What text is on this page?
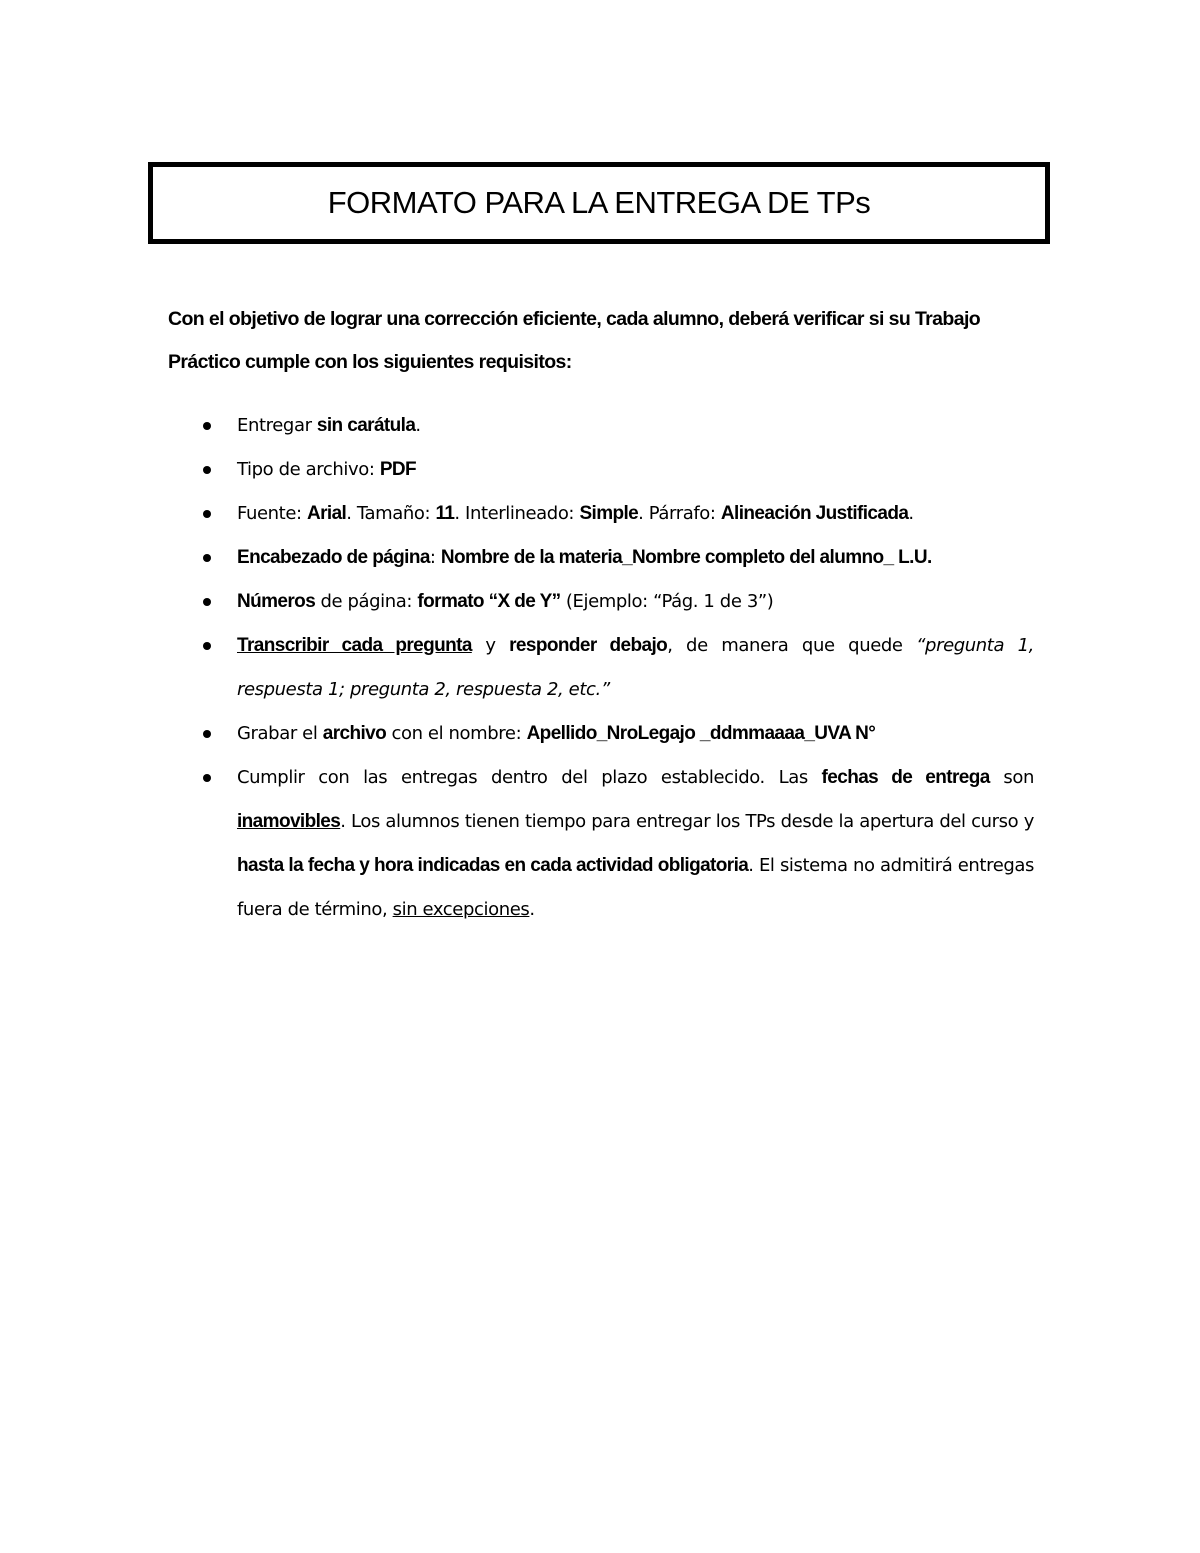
FORMATO PARA LA ENTREGA DE TPs

Con el objetivo de lograr una corrección eficiente, cada alumno, deberá verificar si su Trabajo Práctico cumple con los siguientes requisitos:

Entregar sin carátula.
Tipo de archivo: PDF
Fuente: Arial. Tamaño: 11. Interlineado: Simple. Párrafo: Alineación Justificada.
Encabezado de página: Nombre de la materia_Nombre completo del alumno_ L.U.
Números de página: formato “X de Y” (Ejemplo: “Pág. 1 de 3”)
Transcribir cada pregunta y responder debajo, de manera que quede “pregunta 1, respuesta 1; pregunta 2, respuesta 2, etc.”
Grabar el archivo con el nombre: Apellido_NroLegajo _ddmmaaaa_UVA N°
Cumplir con las entregas dentro del plazo establecido. Las fechas de entrega son inamovibles. Los alumnos tienen tiempo para entregar los TPs desde la apertura del curso y hasta la fecha y hora indicadas en cada actividad obligatoria. El sistema no admitirá entregas fuera de término, sin excepciones.
